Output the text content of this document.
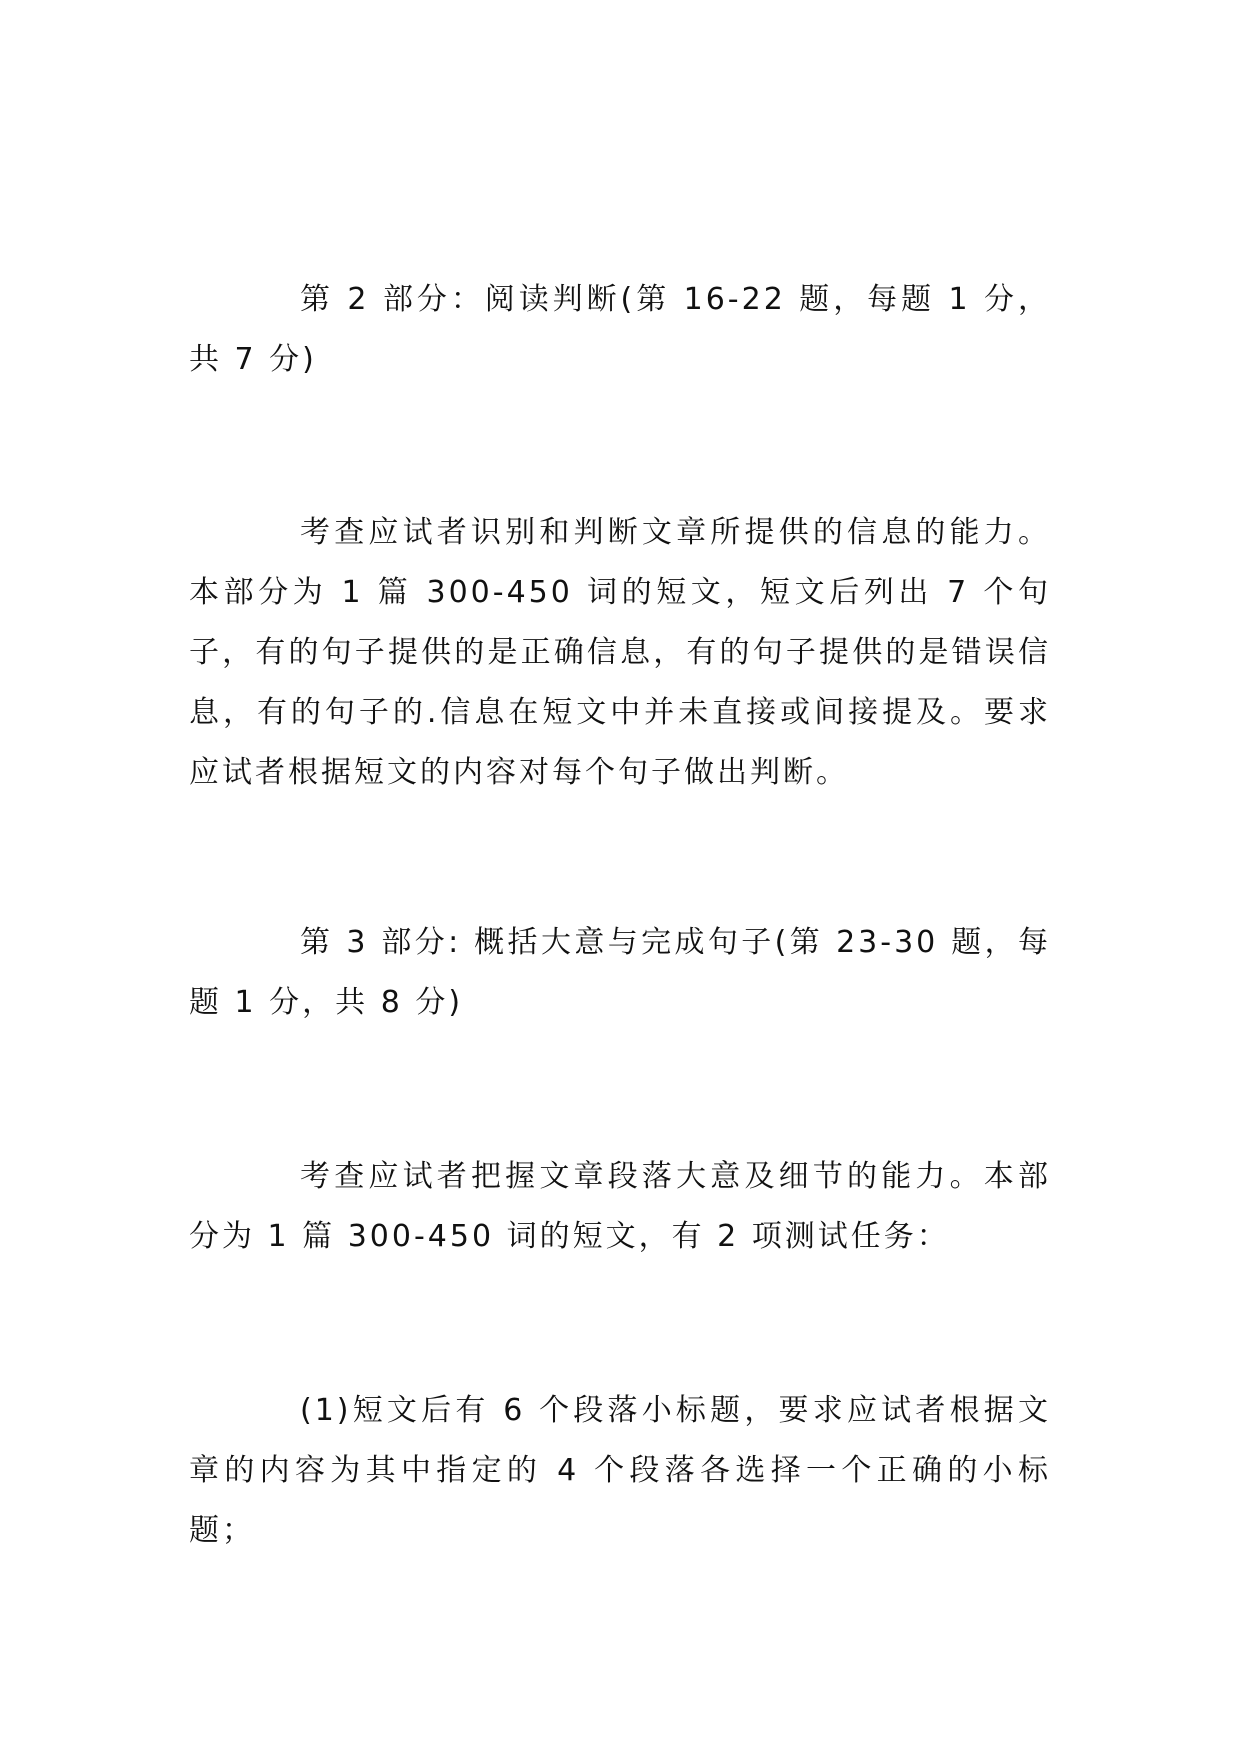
第 2 部分：阅读判断(第 16-22 题，每题 1 分，共 7 分)

考查应试者识别和判断文章所提供的信息的能力。本部分为 1 篇 300-450 词的短文，短文后列出 7 个句子，有的句子提供的是正确信息，有的句子提供的是错误信息，有的句子的.信息在短文中并未直接或间接提及。要求应试者根据短文的内容对每个句子做出判断。

第 3 部分: 概括大意与完成句子(第 23-30 题，每题 1 分，共 8 分)

考查应试者把握文章段落大意及细节的能力。本部分为 1 篇 300-450 词的短文，有 2 项测试任务：

(1)短文后有 6 个段落小标题，要求应试者根据文章的内容为其中指定的 4 个段落各选择一个正确的小标题；
